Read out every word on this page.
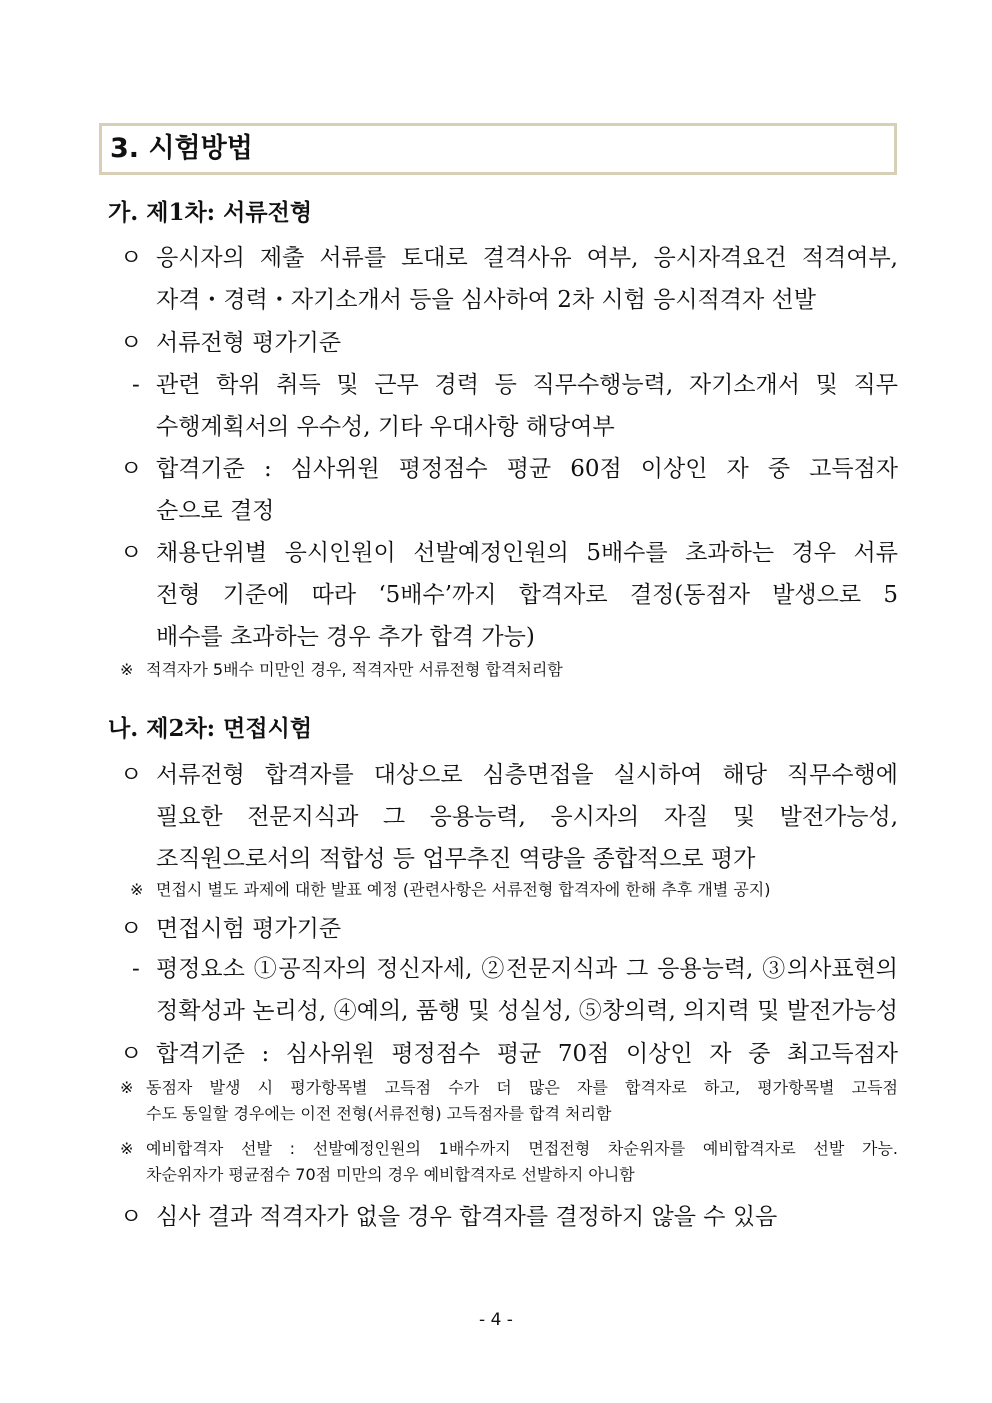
3. 시험방법
가. 제1차: 서류전형
ㅇ 응시자의 제출 서류를 토대로 결격사유 여부, 응시자격요건 적격여부,
자격・경력・자기소개서 등을 심사하여 2차 시험 응시적격자 선발
ㅇ 서류전형 평가기준
- 관련 학위 취득 및 근무 경력 등 직무수행능력, 자기소개서 및 직무
수행계획서의 우수성, 기타 우대사항 해당여부
ㅇ 합격기준 : 심사위원 평정점수 평균 60점 이상인 자 중 고득점자
순으로 결정
ㅇ 채용단위별 응시인원이 선발예정인원의 5배수를 초과하는 경우 서류
전형 기준에 따라 ‘5배수’까지 합격자로 결정(동점자 발생으로 5
배수를 초과하는 경우 추가 합격 가능)
※ 적격자가 5배수 미만인 경우, 적격자만 서류전형 합격처리함
나. 제2차: 면접시험
ㅇ 서류전형 합격자를 대상으로 심층면접을 실시하여 해당 직무수행에
필요한 전문지식과 그 응용능력, 응시자의 자질 및 발전가능성,
조직원으로서의 적합성 등 업무추진 역량을 종합적으로 평가
※ 면접시 별도 과제에 대한 발표 예정 (관련사항은 서류전형 합격자에 한해 추후 개별 공지)
ㅇ 면접시험 평가기준
- 평정요소 ①공직자의 정신자세, ②전문지식과 그 응용능력, ③의사표현의
정확성과 논리성, ④예의, 품행 및 성실성, ⑤창의력, 의지력 및 발전가능성
ㅇ 합격기준 : 심사위원 평정점수 평균 70점 이상인 자 중 최고득점자
※ 동점자 발생 시 평가항목별 고득점 수가 더 많은 자를 합격자로 하고, 평가항목별 고득점
수도 동일할 경우에는 이전 전형(서류전형) 고득점자를 합격 처리함
※ 예비합격자 선발 : 선발예정인원의 1배수까지 면접전형 차순위자를 예비합격자로 선발 가능.
차순위자가 평균점수 70점 미만의 경우 예비합격자로 선발하지 아니함
ㅇ 심사 결과 적격자가 없을 경우 합격자를 결정하지 않을 수 있음
- 4 -
